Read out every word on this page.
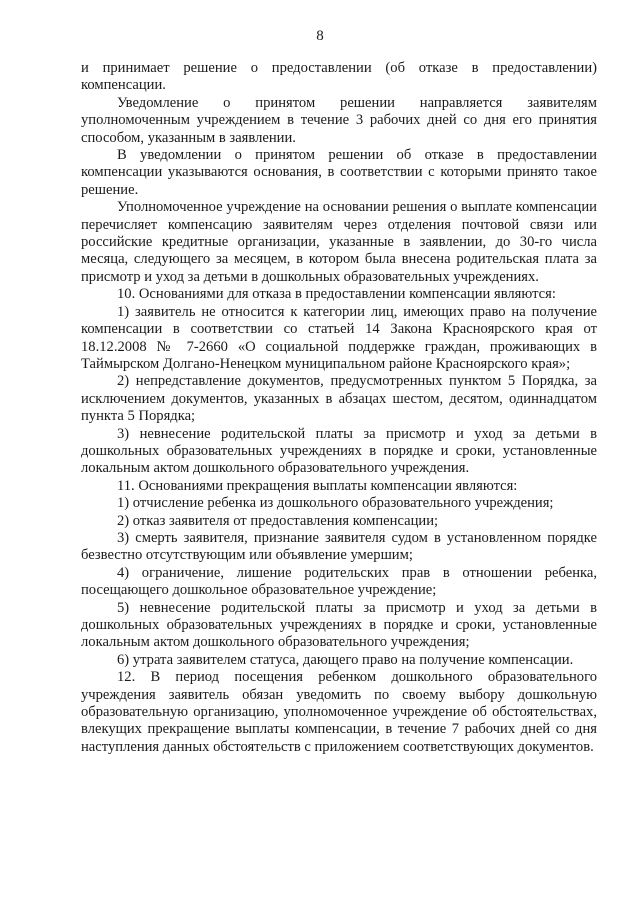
8

и принимает решение о предоставлении (об отказе в предоставлении) компенсации.

Уведомление о принятом решении направляется заявителям уполномоченным учреждением в течение 3 рабочих дней со дня его принятия способом, указанным в заявлении.

В уведомлении о принятом решении об отказе в предоставлении компенсации указываются основания, в соответствии с которыми принято такое решение.

Уполномоченное учреждение на основании решения о выплате компенсации перечисляет компенсацию заявителям через отделения почтовой связи или российские кредитные организации, указанные в заявлении, до 30-го числа месяца, следующего за месяцем, в котором была внесена родительская плата за присмотр и уход за детьми в дошкольных образовательных учреждениях.

10. Основаниями для отказа в предоставлении компенсации являются:

1) заявитель не относится к категории лиц, имеющих право на получение компенсации в соответствии со статьей 14 Закона Красноярского края от 18.12.2008 № 7-2660 «О социальной поддержке граждан, проживающих в Таймырском Долгано-Ненецком муниципальном районе Красноярского края»;

2) непредставление документов, предусмотренных пунктом 5 Порядка, за исключением документов, указанных в абзацах шестом, десятом, одиннадцатом пункта 5 Порядка;

3) невнесение родительской платы за присмотр и уход за детьми в дошкольных образовательных учреждениях в порядке и сроки, установленные локальным актом дошкольного образовательного учреждения.

11. Основаниями прекращения выплаты компенсации являются:

1) отчисление ребенка из дошкольного образовательного учреждения;

2) отказ заявителя от предоставления компенсации;

3) смерть заявителя, признание заявителя судом в установленном порядке безвестно отсутствующим или объявление умершим;

4) ограничение, лишение родительских прав в отношении ребенка, посещающего дошкольное образовательное учреждение;

5) невнесение родительской платы за присмотр и уход за детьми в дошкольных образовательных учреждениях в порядке и сроки, установленные локальным актом дошкольного образовательного учреждения;

6) утрата заявителем статуса, дающего право на получение компенсации.

12. В период посещения ребенком дошкольного образовательного учреждения заявитель обязан уведомить по своему выбору дошкольную образовательную организацию, уполномоченное учреждение об обстоятельствах, влекущих прекращение выплаты компенсации, в течение 7 рабочих дней со дня наступления данных обстоятельств с приложением соответствующих документов.
